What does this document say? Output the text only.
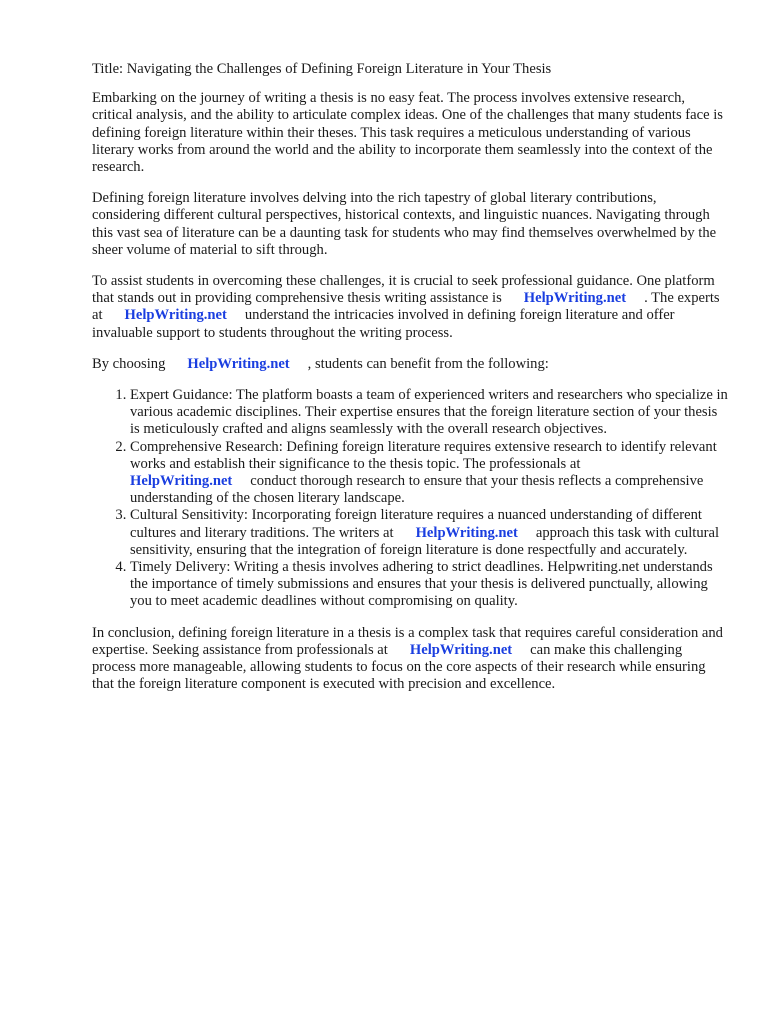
Title: Navigating the Challenges of Defining Foreign Literature in Your Thesis

Embarking on the journey of writing a thesis is no easy feat. The process involves extensive research, critical analysis, and the ability to articulate complex ideas. One of the challenges that many students face is defining foreign literature within their theses. This task requires a meticulous understanding of various literary works from around the world and the ability to incorporate them seamlessly into the context of the research.

Defining foreign literature involves delving into the rich tapestry of global literary contributions, considering different cultural perspectives, historical contexts, and linguistic nuances. Navigating through this vast sea of literature can be a daunting task for students who may find themselves overwhelmed by the sheer volume of material to sift through.

To assist students in overcoming these challenges, it is crucial to seek professional guidance. One platform that stands out in providing comprehensive thesis writing assistance is HelpWriting.net . The experts at HelpWriting.net understand the intricacies involved in defining foreign literature and offer invaluable support to students throughout the writing process.

By choosing HelpWriting.net , students can benefit from the following:

1. Expert Guidance: The platform boasts a team of experienced writers and researchers who specialize in various academic disciplines. Their expertise ensures that the foreign literature section of your thesis is meticulously crafted and aligns seamlessly with the overall research objectives.
2. Comprehensive Research: Defining foreign literature requires extensive research to identify relevant works and establish their significance to the thesis topic. The professionals at
HelpWriting.net conduct thorough research to ensure that your thesis reflects a comprehensive understanding of the chosen literary landscape.
3. Cultural Sensitivity: Incorporating foreign literature requires a nuanced understanding of different cultures and literary traditions. The writers at HelpWriting.net approach this task with cultural sensitivity, ensuring that the integration of foreign literature is done respectfully and accurately.
4. Timely Delivery: Writing a thesis involves adhering to strict deadlines. Helpwriting.net understands the importance of timely submissions and ensures that your thesis is delivered punctually, allowing you to meet academic deadlines without compromising on quality.

In conclusion, defining foreign literature in a thesis is a complex task that requires careful consideration and expertise. Seeking assistance from professionals at HelpWriting.net can make this challenging process more manageable, allowing students to focus on the core aspects of their research while ensuring that the foreign literature component is executed with precision and excellence.
